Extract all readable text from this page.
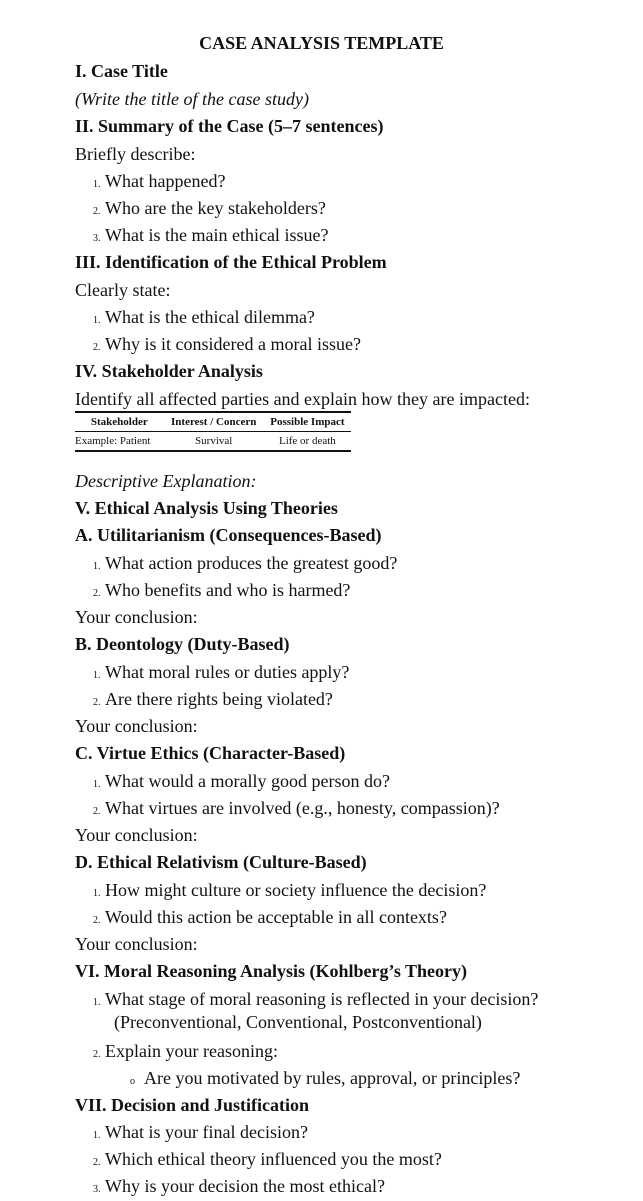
CASE ANALYSIS TEMPLATE
I. Case Title
(Write the title of the case study)
II. Summary of the Case (5–7 sentences)
Briefly describe:
1. What happened?
2. Who are the key stakeholders?
3. What is the main ethical issue?
III. Identification of the Ethical Problem
Clearly state:
1. What is the ethical dilemma?
2. Why is it considered a moral issue?
IV. Stakeholder Analysis
Identify all affected parties and explain how they are impacted:
Stakeholder	Interest / Concern	Possible Impact
Example: Patient	Survival	Life or death
Descriptive Explanation:
V. Ethical Analysis Using Theories
A. Utilitarianism (Consequences-Based)
1. What action produces the greatest good?
2. Who benefits and who is harmed?
Your conclusion:
B. Deontology (Duty-Based)
1. What moral rules or duties apply?
2. Are there rights being violated?
Your conclusion:
C. Virtue Ethics (Character-Based)
1. What would a morally good person do?
2. What virtues are involved (e.g., honesty, compassion)?
Your conclusion:
D. Ethical Relativism (Culture-Based)
1. How might culture or society influence the decision?
2. Would this action be acceptable in all contexts?
Your conclusion:
VI. Moral Reasoning Analysis (Kohlberg’s Theory)
1. What stage of moral reasoning is reflected in your decision?
(Preconventional, Conventional, Postconventional)
2. Explain your reasoning:
o Are you motivated by rules, approval, or principles?
VII. Decision and Justification
1. What is your final decision?
2. Which ethical theory influenced you the most?
3. Why is your decision the most ethical?
